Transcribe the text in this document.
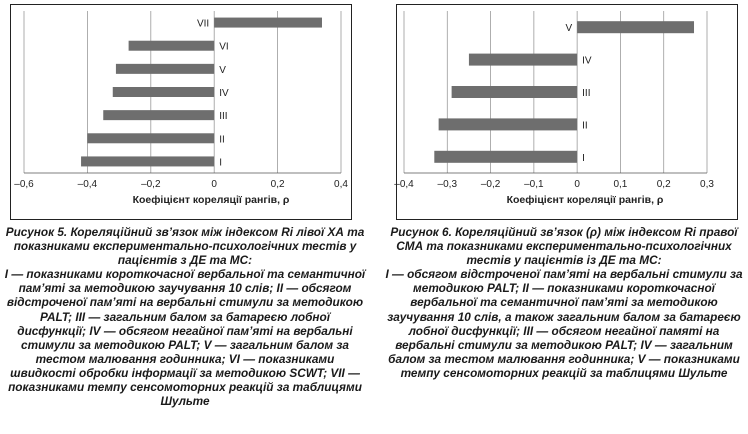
–0,6	–0,4	–0,2	0	0,2	0,4
I
II
III
IV
V
VI
VII
Коефіцієнт кореляції рангів, ρ
Рисунок 5. Кореляційний зв’язок між індексом Ri лівої ХА та показниками експериментально-психологічних тестів у пацієнтів з ДЕ та МС:
I — показниками короткочасної вербальної та семантичної пам’яті за методикою заучування 10 слів; II — обсягом відстроченої пам’яті на вербальні стимули за методикою PALT; III — загальним балом за батареєю лобної дисфункції; IV — обсягом негайної пам’яті на вербальні стимули за методикою PALT; V — загальним балом за тестом малювання годинника; VI — показниками швидкості обробки інформації за методикою SCWT; VII — показниками темпу сенсомоторних реакцій за таблицями Шульте
–0,4 –0,3 –0,2 –0,1	0	0,1	0,2	0,3
I
II
III
IV
V
Коефіцієнт кореляції рангів, ρ
Рисунок 6. Кореляційний зв’язок (ρ) між індексом Ri правої СМА та показниками експериментально-психологічних тестів у пацієнтів із ДЕ та МС:
I — обсягом відстроченої пам’яті на вербальні стимули за методикою PALT; II — показниками короткочасної вербальної та семантичної пам’яті за методикою заучування 10 слів, а також загальним балом за батареєю лобної дисфункції; III — обсягом негайної памяті на вербальні стимули за методикою PALT; IV — загальним балом за тестом малювання годинника; V — показниками темпу сенсомоторних реакцій за таблицями Шульте
